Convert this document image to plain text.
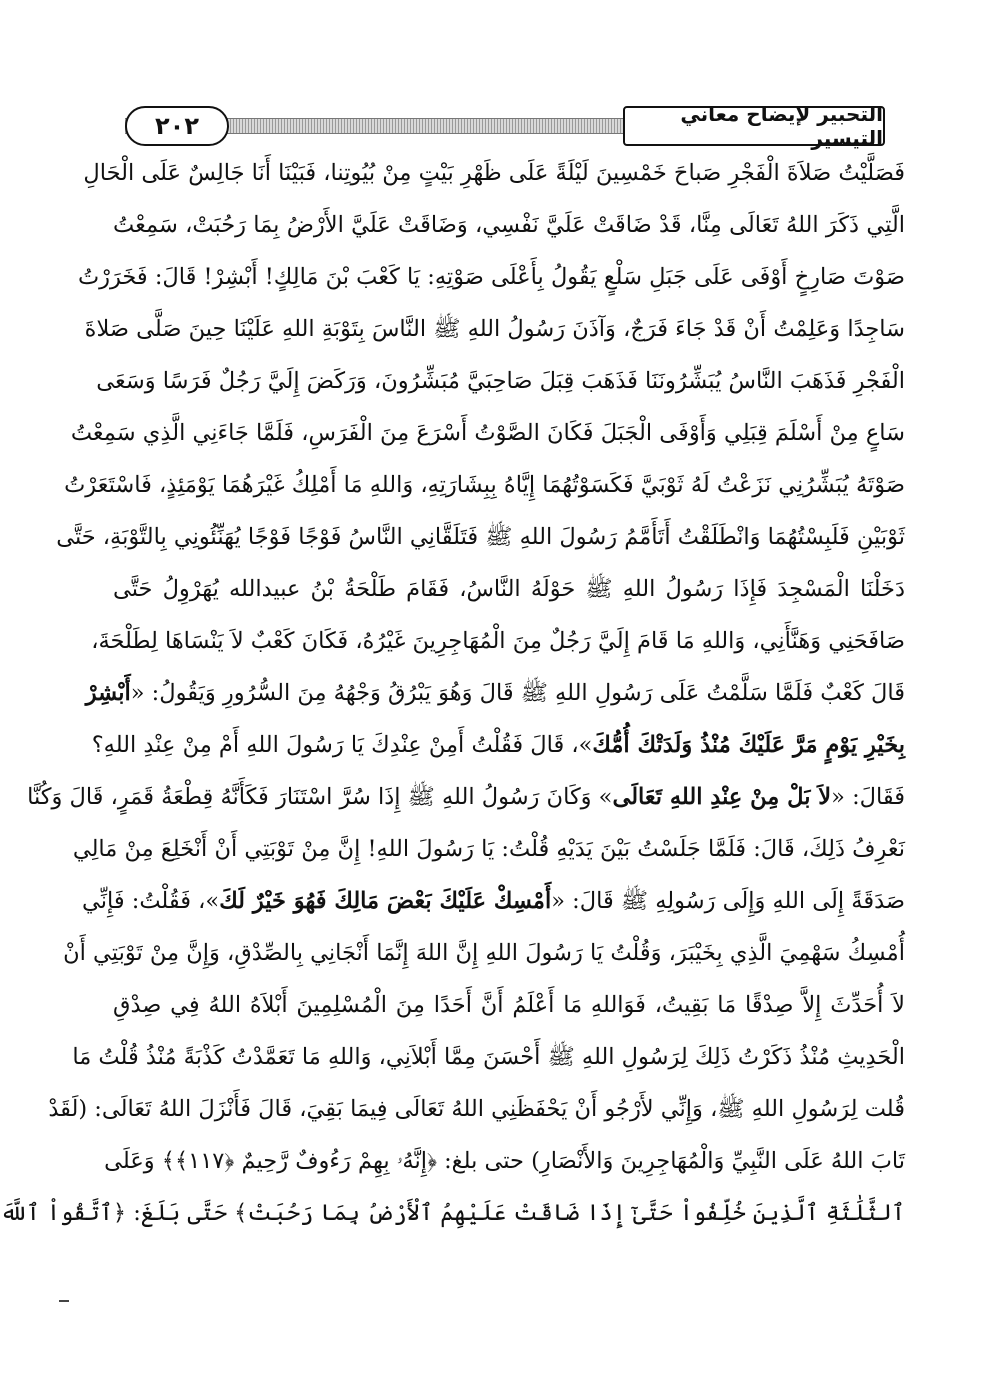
التحبير لإيضاح معاني التيسير
٢٠٢
فَصَلَّيْتُ صَلاَةَ الْفَجْرِ صَباحَ خَمْسِينَ لَيْلَةً عَلَى ظَهْرِ بَيْتٍ مِنْ بُيُوتِنا، فَبَيْنَا أَنَا جَالِسٌ عَلَى الْحَالِ
الَّتِي ذَكَرَ اللهُ تَعَالَى مِنَّا، قَدْ ضَاقَتْ عَلَيَّ نَفْسِي، وَضَاقَتْ عَلَيَّ الأَرْضُ بِمَا رَحُبَتْ، سَمِعْتُ
صَوْتَ صَارِخٍ أَوْفَى عَلَى جَبَلِ سَلْعٍ يَقُولُ بِأَعْلَى صَوْتِهِ: يَا كَعْبَ بْنَ مَالِكٍ! أَبْشِرْ! قَالَ: فَخَرَرْتُ
سَاجِدًا وَعَلِمْتُ أَنْ قَدْ جَاءَ فَرَجٌ، وَآذَنَ رَسُولُ اللهِ ﷺ النَّاسَ بِتَوْبَةِ اللهِ عَلَيْنَا حِينَ صَلَّى صَلاةَ
الْفَجْرِ فَذَهَبَ النَّاسُ يُبَشِّرُونَنَا فَذَهَبَ قِبَلَ صَاحِبَيَّ مُبَشِّرُونَ، وَرَكَضَ إِلَيَّ رَجُلٌ فَرَسًا وَسَعَى
سَاعٍ مِنْ أَسْلَمَ قِبَلِي وَأَوْفَى الْجَبَلَ فَكَانَ الصَّوْتُ أَسْرَعَ مِنَ الْفَرَسِ، فَلَمَّا جَاءَنِي الَّذِي سَمِعْتُ
صَوْتَهُ يُبَشِّرُنِي نَزَعْتُ لَهُ ثَوْبَيَّ فَكَسَوْتُهُمَا إِيَّاهُ بِبِشَارَتِهِ، وَاللهِ مَا أَمْلِكُ غَيْرَهُمَا يَوْمَئِذٍ، فَاسْتَعَرْتُ
ثَوْبَيْنِ فَلَبِسْتُهُمَا وَانْطَلَقْتُ أَتَأَمَّمُ رَسُولَ اللهِ ﷺ فَتَلَقَّانِي النَّاسُ فَوْجًا فَوْجًا يُهَنِّئُونِي بِالتَّوْبَةِ، حَتَّى
دَخَلْنَا الْمَسْجِدَ فَإِذَا رَسُولُ اللهِ ﷺ حَوْلَهُ النَّاسُ، فَقَامَ طَلْحَةُ بْنُ عبيدالله يُهَرْوِلُ حَتَّى
صَافَحَنِي وَهَنَّأَنِي، وَاللهِ مَا قَامَ إِلَيَّ رَجُلٌ مِنَ الْمُهَاجِرِينَ غَيْرُهُ، فَكَانَ كَعْبٌ لاَ يَنْسَاهَا لِطَلْحَةَ،
قَالَ كَعْبٌ فَلَمَّا سَلَّمْتُ عَلَى رَسُولِ اللهِ ﷺ قَالَ وَهُوَ يَبْرُقُ وَجْهُهُ مِنَ السُّرُورِ وَيَقُولُ: «أَبْشِرْ
بِخَيْرِ يَوْمٍ مَرَّ عَلَيْكَ مُنْذُ وَلَدَتْكَ أُمُّكَ»، قَالَ فَقُلْتُ أَمِنْ عِنْدِكَ يَا رَسُولَ اللهِ أَمْ مِنْ عِنْدِ اللهِ؟
فَقَالَ: «لاَ بَلْ مِنْ عِنْدِ اللهِ تَعَالَى» وَكَانَ رَسُولُ اللهِ ﷺ إِذَا سُرَّ اسْتَنَارَ فَكَأَنَّهُ قِطْعَةُ قَمَرٍ، قَالَ وَكُنَّا
نَعْرِفُ ذَلِكَ، قَالَ: فَلَمَّا جَلَسْتُ بَيْنَ يَدَيْهِ قُلْتُ: يَا رَسُولَ اللهِ! إِنَّ مِنْ تَوْبَتِي أَنْ أَنْخَلِعَ مِنْ مَالِي
صَدَقَةً إِلَى اللهِ وَإِلَى رَسُولِهِ ﷺ قَالَ: «أَمْسِكْ عَلَيْكَ بَعْضَ مَالِكَ فَهُوَ خَيْرٌ لَكَ»، فَقُلْتُ: فَإِنِّي
أُمْسِكُ سَهْمِيَ الَّذِي بِخَيْبَرَ، وَقُلْتُ يَا رَسُولَ اللهِ إِنَّ اللهَ إِنَّمَا أَنْجَانِي بِالصِّدْقِ، وَإِنَّ مِنْ تَوْبَتِي أَنْ
لاَ أُحَدِّثَ إِلاَّ صِدْقًا مَا بَقِيتُ، فَوَاللهِ مَا أَعْلَمُ أَنَّ أَحَدًا مِنَ الْمُسْلِمِينَ أَبْلاَهُ اللهُ فِي صِدْقِ
الْحَدِيثِ مُنْذُ ذَكَرْتُ ذَلِكَ لِرَسُولِ اللهِ ﷺ أَحْسَنَ مِمَّا أَبْلاَنِي، وَاللهِ مَا تَعَمَّدْتُ كَذْبَةً مُنْذُ قُلْتُ مَا
قُلت لِرَسُولِ اللهِ ﷺ، وَإِنِّي لأَرْجُو أَنْ يَحْفَظَنِي اللهُ تَعَالَى فِيمَا بَقِيَ، قَالَ فَأَنْزَلَ اللهُ تَعَالَى: (لَقَدْ
تَابَ اللهُ عَلَى النَّبِيِّ وَالْمُهَاجِرِينَ وَالأَنْصَارِ) حتى بلغ: ﴿إِنَّهُۥ بِهِمْ رَءُوفٌ رَّحِيمٌ ﴿١١٧﴾﴾ وَعَلَى
ٱلثَّلَٰثَةِ ٱلَّذِينَ خُلِّفُواْ حَتَّىٰٓ إِذَا ضَاقَتْ عَلَيْهِمُ ٱلْأَرْضُ بِمَا رَحُبَتْ﴾ حَتَّى بَلَغَ: ﴿ٱتَّقُواْ ٱللَّهَ
